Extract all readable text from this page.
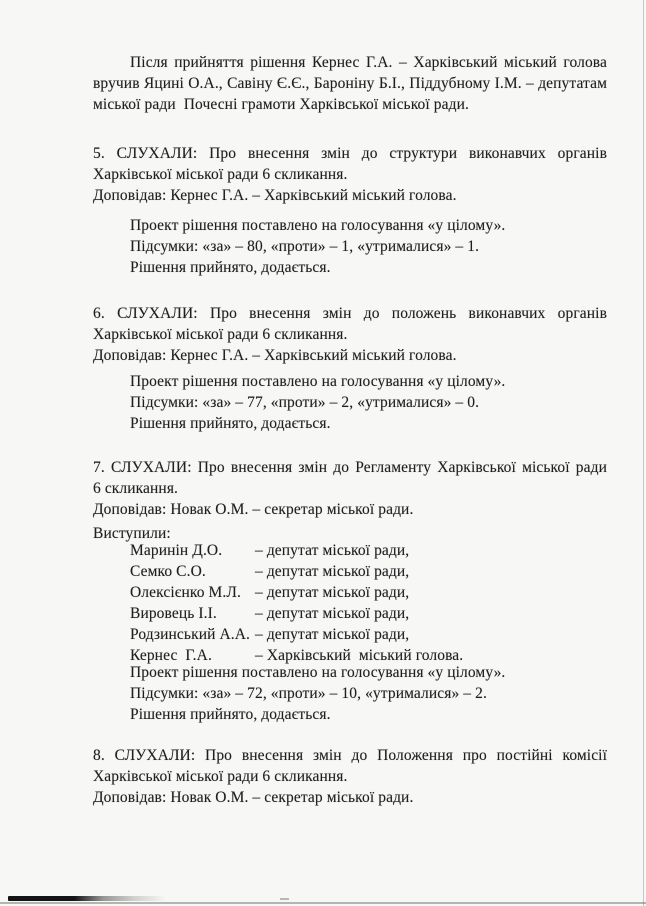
Після прийняття рішення Кернес Г.А. – Харківський міський голова
вручив Яцині О.А., Савіну Є.Є., Бароніну Б.І., Піддубному І.М. – депутатам
міської ради  Почесні грамоти Харківської міської ради.
5. СЛУХАЛИ: Про внесення змін до структури виконавчих органів
Харківської міської ради 6 скликання.
Доповідав: Кернес Г.А. – Харківський міський голова.
Проект рішення поставлено на голосування «у цілому».
Підсумки: «за» – 80, «проти» – 1, «утрималися» – 1.
Рішення прийнято, додається.
6. СЛУХАЛИ: Про внесення змін до положень виконавчих органів
Харківської міської ради 6 скликання.
Доповідав: Кернес Г.А. – Харківський міський голова.
Проект рішення поставлено на голосування «у цілому».
Підсумки: «за» – 77, «проти» – 2, «утрималися» – 0.
Рішення прийнято, додається.
7. СЛУХАЛИ: Про внесення змін до Регламенту Харківської міської ради
6 скликання.
Доповідав: Новак О.М. – секретар міської ради.
Виступили:
Маринін Д.О.	– депутат міської ради,
Семко С.О.	– депутат міської ради,
Олексієнко М.Л. – депутат міської ради,
Вировець І.І.	– депутат міської ради,
Родзинський А.А. – депутат міської ради,
Кернес  Г.А.	– Харківський  міський голова.
Проект рішення поставлено на голосування «у цілому».
Підсумки: «за» – 72, «проти» – 10, «утрималися» – 2.
Рішення прийнято, додається.
8. СЛУХАЛИ: Про внесення змін до Положення про постійні комісії
Харківської міської ради 6 скликання.
Доповідав: Новак О.М. – секретар міської ради.
